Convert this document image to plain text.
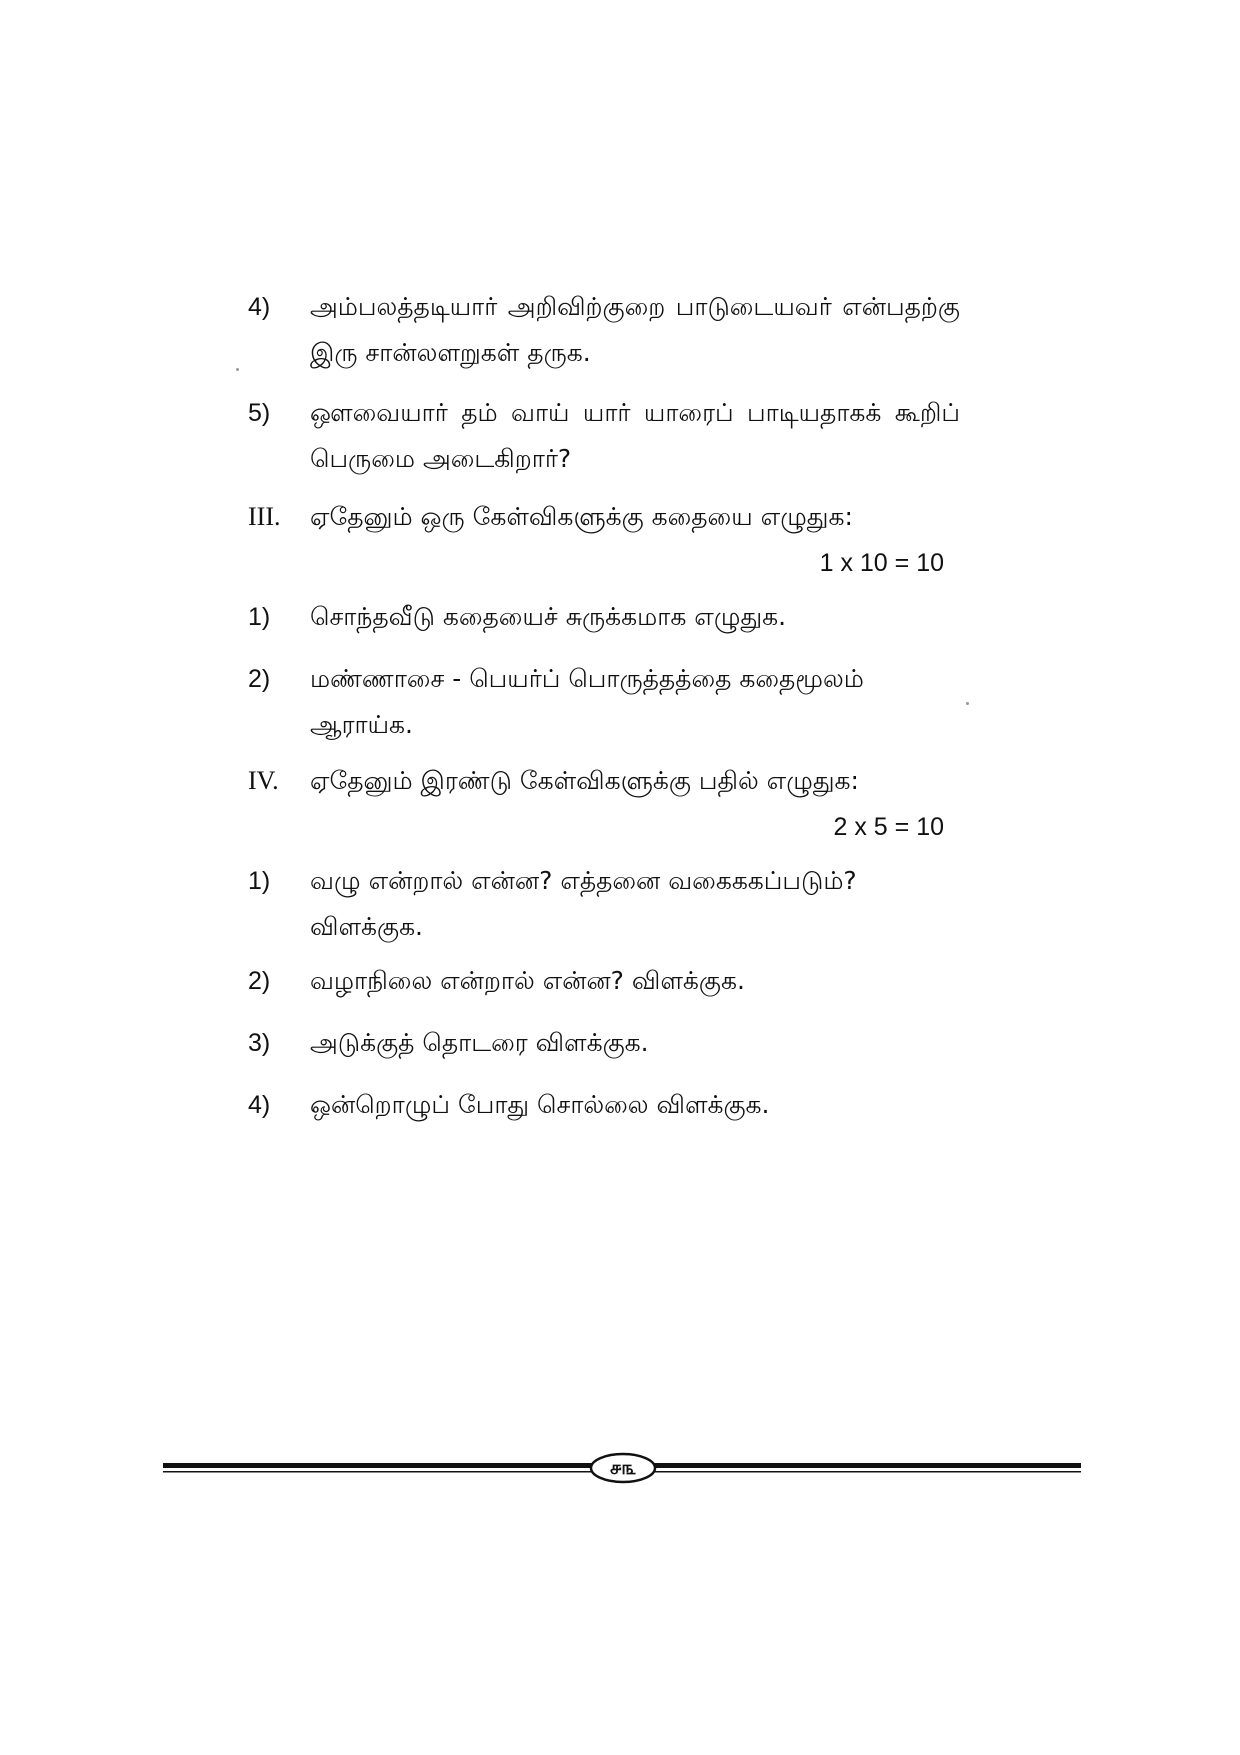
4)	அம்பலத்தடியார் அறிவிற்குறை பாடுடையவர் என்பதற்கு இரு சான்லளறுகள் தருக.
5)	ஔவையார் தம் வாய் யார் யாரைப் பாடியதாகக் கூறிப் பெருமை அடைகிறார்?
III.	ஏதேனும் ஒரு கேள்விகளுக்கு கதையை எழுதுக:
1 x 10 = 10
1)	சொந்தவீடு கதையைச் சுருக்கமாக எழுதுக.
2)	மண்ணாசை - பெயர்ப் பொருத்தத்தை கதைமூலம் ஆராய்க.
IV.	ஏதேனும் இரண்டு கேள்விகளுக்கு பதில் எழுதுக:
2 x 5 = 10
1)	வழு என்றால் என்ன? எத்தனை வகைககப்படும்? விளக்குக.
2)	வழாநிலை என்றால் என்ன? விளக்குக.
3)	அடுக்குத் தொடரை விளக்குக.
4)	ஒன்றொழுப் போது சொல்லை விளக்குக.
௪௩
